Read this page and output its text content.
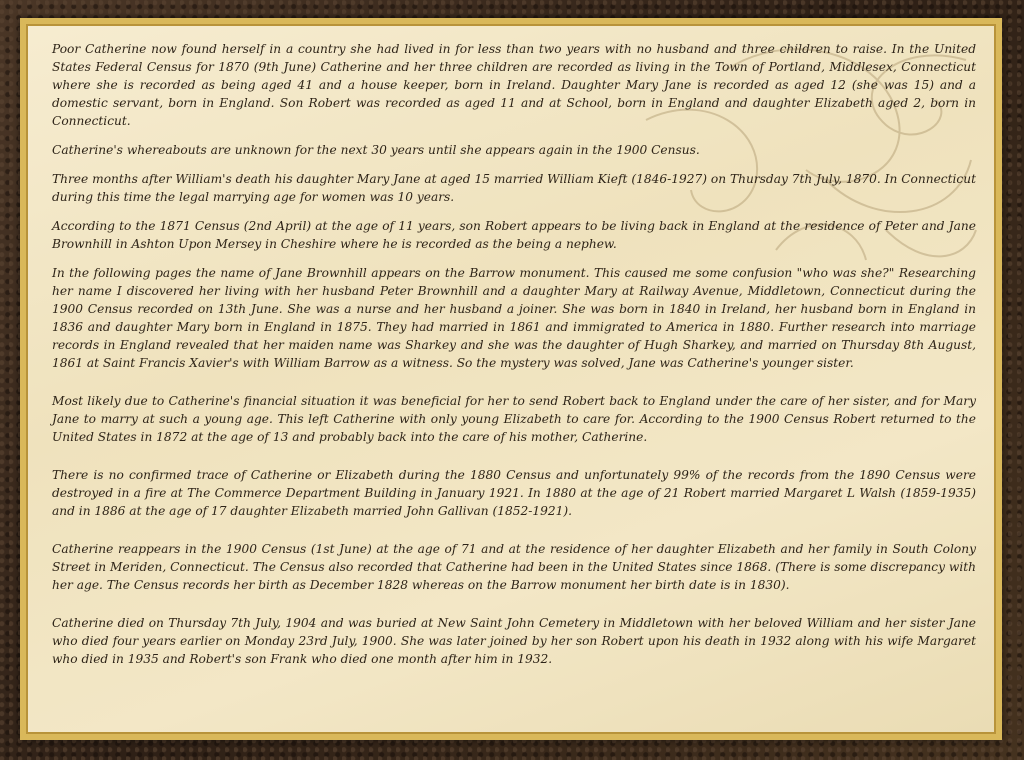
Poor Catherine now found herself in a country she had lived in for less than two years with no husband and three children to raise. In the United States Federal Census for 1870 (9th June) Catherine and her three children are recorded as living in the Town of Portland, Middlesex, Connecticut where she is recorded as being aged 41 and a house keeper, born in Ireland. Daughter Mary Jane is recorded as aged 12 (she was 15) and a domestic servant, born in England. Son Robert was recorded as aged 11 and at School, born in England and daughter Elizabeth aged 2, born in Connecticut.

Catherine's whereabouts are unknown for the next 30 years until she appears again in the 1900 Census.

Three months after William's death his daughter Mary Jane at aged 15 married William Kieft (1846-1927) on Thursday 7th July, 1870. In Connecticut during this time the legal marrying age for women was 10 years.

According to the 1871 Census (2nd April) at the age of 11 years, son Robert appears to be living back in England at the residence of Peter and Jane Brownhill in Ashton Upon Mersey in Cheshire where he is recorded as the being a nephew.

In the following pages the name of Jane Brownhill appears on the Barrow monument. This caused me some confusion "who was she?" Researching her name I discovered her living with her husband Peter Brownhill and a daughter Mary at Railway Avenue, Middletown, Connecticut during the 1900 Census recorded on 13th June. She was a nurse and her husband a joiner. She was born in 1840 in Ireland, her husband born in England in 1836 and daughter Mary born in England in 1875. They had married in 1861 and immigrated to America in 1880. Further research into marriage records in England revealed that her maiden name was Sharkey and she was the daughter of Hugh Sharkey, and married on Thursday 8th August, 1861 at Saint Francis Xavier's with William Barrow as a witness. So the mystery was solved, Jane was Catherine's younger sister.

Most likely due to Catherine's financial situation it was beneficial for her to send Robert back to England under the care of her sister, and for Mary Jane to marry at such a young age. This left Catherine with only young Elizabeth to care for. According to the 1900 Census Robert returned to the United States in 1872 at the age of 13 and probably back into the care of his mother, Catherine.

There is no confirmed trace of Catherine or Elizabeth during the 1880 Census and unfortunately 99% of the records from the 1890 Census were destroyed in a fire at The Commerce Department Building in January 1921. In 1880 at the age of 21 Robert married Margaret L Walsh (1859-1935) and in 1886 at the age of 17 daughter Elizabeth married John Gallivan (1852-1921).

Catherine reappears in the 1900 Census (1st June) at the age of 71 and at the residence of her daughter Elizabeth and her family in South Colony Street in Meriden, Connecticut. The Census also recorded that Catherine had been in the United States since 1868. (There is some discrepancy with her age. The Census records her birth as December 1828 whereas on the Barrow monument her birth date is in 1830).

Catherine died on Thursday 7th July, 1904 and was buried at New Saint John Cemetery in Middletown with her beloved William and her sister Jane who died four years earlier on Monday 23rd July, 1900. She was later joined by her son Robert upon his death in 1932 along with his wife Margaret who died in 1935 and Robert's son Frank who died one month after him in 1932.
